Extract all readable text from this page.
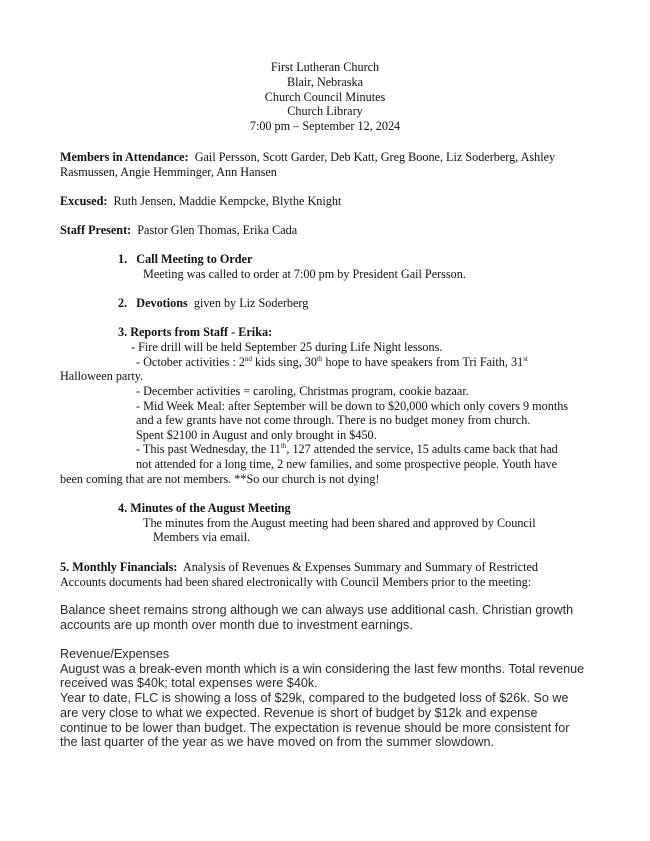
First Lutheran Church
Blair, Nebraska
Church Council Minutes
Church Library
7:00 pm – September 12, 2024
Members in Attendance: Gail Persson, Scott Garder, Deb Katt, Greg Boone, Liz Soderberg, Ashley
Rasmussen, Angie Hemminger, Ann Hansen
Excused: Ruth Jensen, Maddie Kempcke, Blythe Knight
Staff Present: Pastor Glen Thomas, Erika Cada
1. Call Meeting to Order
Meeting was called to order at 7:00 pm by President Gail Persson.
2. Devotions given by Liz Soderberg
3. Reports from Staff - Erika:
- Fire drill will be held September 25 during Life Night lessons.
- October activities : 2nd kids sing, 30th hope to have speakers from Tri Faith, 31st
Halloween party.
- December activities = caroling, Christmas program, cookie bazaar.
- Mid Week Meal: after September will be down to $20,000 which only covers 9 months
and a few grants have not come through. There is no budget money from church.
Spent $2100 in August and only brought in $450.
- This past Wednesday, the 11th, 127 attended the service, 15 adults came back that had
not attended for a long time, 2 new families, and some prospective people. Youth have
been coming that are not members. **So our church is not dying!
4. Minutes of the August Meeting
The minutes from the August meeting had been shared and approved by Council
Members via email.
5. Monthly Financials: Analysis of Revenues & Expenses Summary and Summary of Restricted
Accounts documents had been shared electronically with Council Members prior to the meeting:
Balance sheet remains strong although we can always use additional cash. Christian growth
accounts are up month over month due to investment earnings.
Revenue/Expenses
August was a break-even month which is a win considering the last few months. Total revenue
received was $40k; total expenses were $40k.
Year to date, FLC is showing a loss of $29k, compared to the budgeted loss of $26k. So we
are very close to what we expected. Revenue is short of budget by $12k and expense
continue to be lower than budget. The expectation is revenue should be more consistent for
the last quarter of the year as we have moved on from the summer slowdown.
